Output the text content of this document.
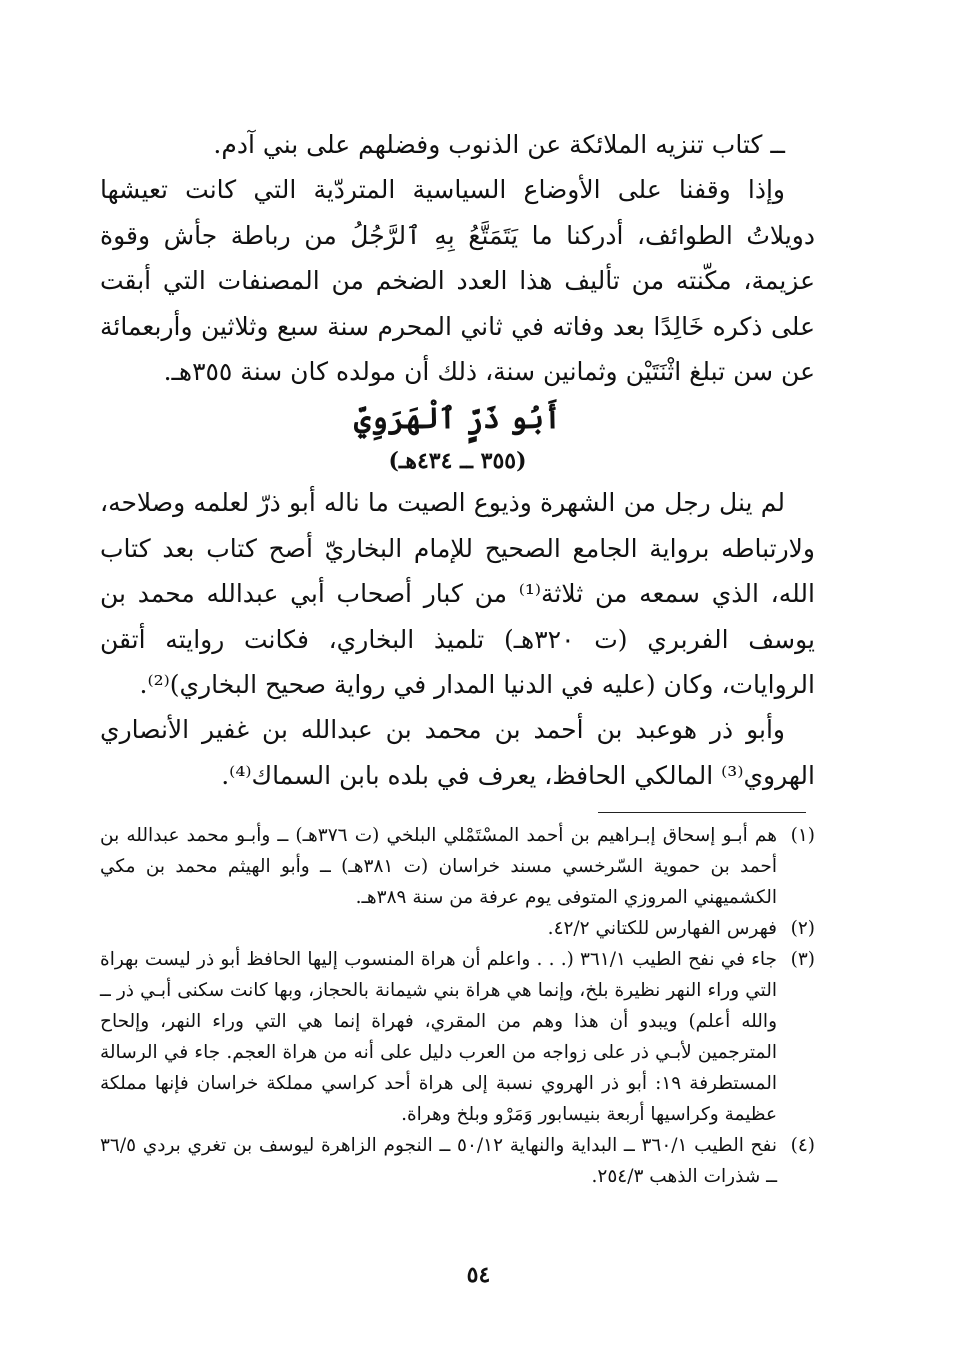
ــ كتاب تنزيه الملائكة عن الذنوب وفضلهم على بني آدم.

وإذا وقفنا على الأوضاع السياسية المتردّية التي كانت تعيشها دويلاتُ الطوائف، أدركنا ما يَتَمَتَّعُ بِهِ ٱلرَّجُلُ من رباطة جأش وقوة عزيمة، مكّنته من تأليف هذا العدد الضخم من المصنفات التي أبقت على ذكره خَالِدًا بعد وفاته في ثاني المحرم سنة سبع وثلاثين وأربعمائة عن سن تبلغ اثْنَتَيْن وثمانين سنة، ذلك أن مولده كان سنة ٣٥٥هـ.

أَبُو ذَرٍّ ٱلْهَرَوِيّ
(٣٥٥ ــ ٤٣٤هـ)

لم ينل رجل من الشهرة وذيوع الصيت ما ناله أبو ذرّ لعلمه وصلاحه، ولارتباطه برواية الجامع الصحيح للإمام البخاريّ أصح كتاب بعد كتاب الله، الذي سمعه من ثلاثة⁽¹⁾ من كبار أصحاب أبي عبدالله محمد بن يوسف الفربري (ت ٣٢٠هـ) تلميذ البخاري، فكانت روايته أتقن الروايات، وكان (عليه في الدنيا المدار في رواية صحيح البخاري)⁽²⁾.

وأبو ذر هوعبد بن أحمد بن محمد بن عبدالله بن غفير الأنصاري الهروي⁽³⁾ المالكي الحافظ، يعرف في بلده بابن السماك⁽⁴⁾.

(١)
هم أبـو إسحاق إبـراهيم بن أحمد المسْتَمْلي البلخي (ت ٣٧٦هـ) ــ وأبـو محمد عبدالله بن أحمد بن حموية السّرخسي مسند خراسان (ت ٣٨١هـ) ــ وأبو الهيثم محمد بن مكي الكشميهني المروزي المتوفى يوم عرفة من سنة ٣٨٩هـ.
(٢)
فهرس الفهارس للكتاني ٤٢/٢.
(٣)
جاء في نفح الطيب ٣٦١/١ (. . . واعلم أن هراة المنسوب إليها الحافظ أبو ذر ليست بهراة التي وراء النهر نظيرة بلخ، وإنما هي هراة بني شيمانة بالحجاز، وبها كانت سكنى أبـي ذر ــ والله أعلم) ويبدو أن هذا وهم من المقري، فهراة إنما هي التي وراء النهر، وإلحاح المترجمين لأبـي ذر على زواجه من العرب دليل على أنه من هراة العجم. جاء في الرسالة المستطرفة ١٩: أبو ذر الهروي نسبة إلى هراة أحد كراسي مملكة خراسان فإنها مملكة عظيمة وكراسيها أربعة بنيسابور وَمَرْو وبلخ وهراة.
(٤)
نفح الطيب ٣٦٠/١ ــ البداية والنهاية ٥٠/١٢ ــ النجوم الزاهرة ليوسف بن تغري بردي ٣٦/٥ ــ شذرات الذهب ٢٥٤/٣.
٥٤
